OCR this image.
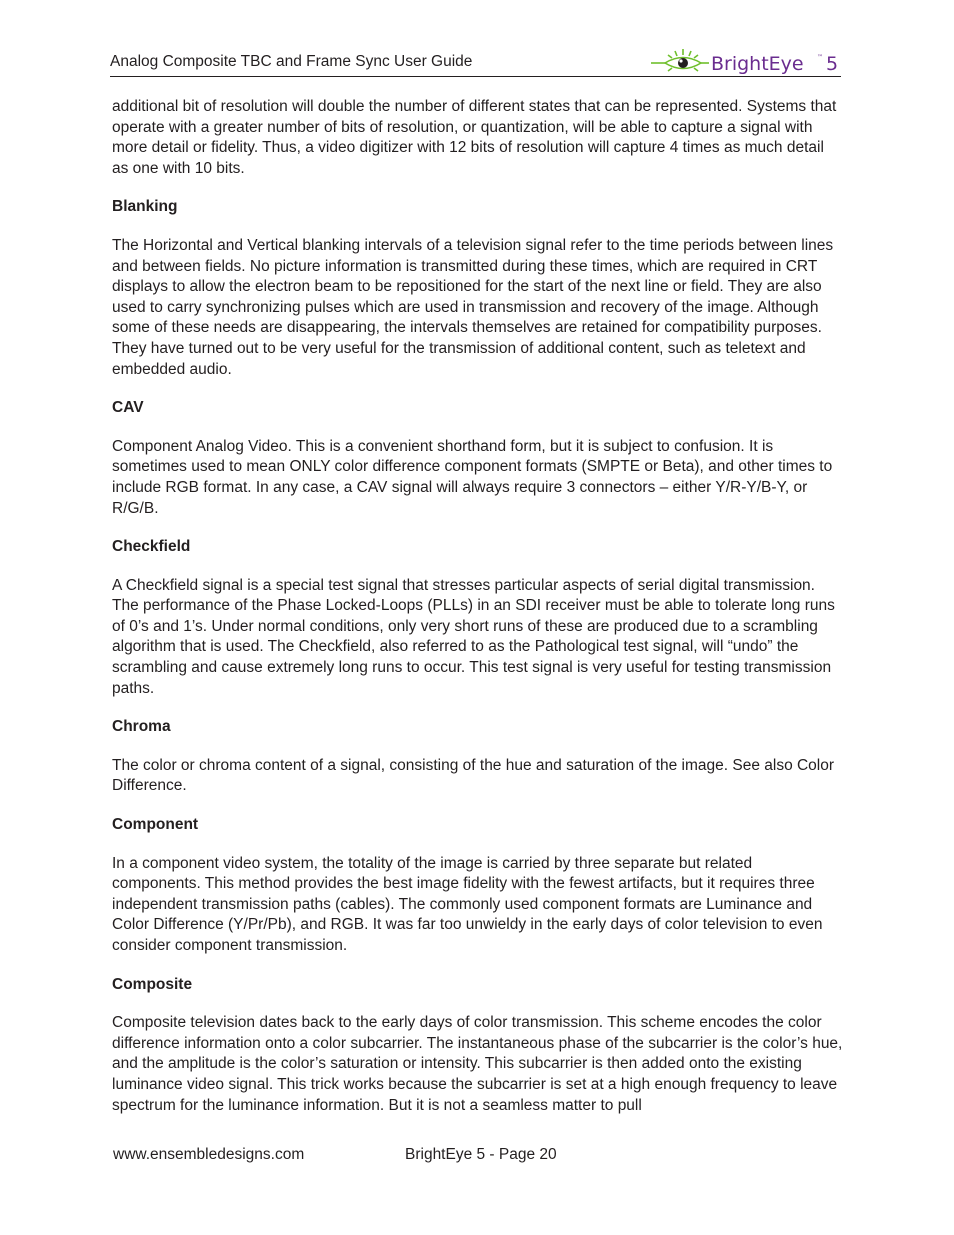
Analog Composite TBC and Frame Sync User Guide	BrightEye ™ 5

additional bit of resolution will double the number of different states that can be represented. Systems that operate with a greater number of bits of resolution, or quantization, will be able to capture a signal with more detail or fidelity. Thus, a video digitizer with 12 bits of resolution will capture 4 times as much detail as one with 10 bits.

Blanking

The Horizontal and Vertical blanking intervals of a television signal refer to the time periods between lines and between fields. No picture information is transmitted during these times, which are required in CRT displays to allow the electron beam to be repositioned for the start of the next line or field. They are also used to carry synchronizing pulses which are used in transmission and recovery of the image. Although some of these needs are disappearing, the intervals themselves are retained for compatibility purposes. They have turned out to be very useful for the transmission of additional content, such as teletext and embedded audio.

CAV

Component Analog Video. This is a convenient shorthand form, but it is subject to confusion. It is sometimes used to mean ONLY color difference component formats (SMPTE or Beta), and other times to include RGB format. In any case, a CAV signal will always require 3 connectors – either Y/R-Y/B-Y, or R/G/B.

Checkfield

A Checkfield signal is a special test signal that stresses particular aspects of serial digital transmission. The performance of the Phase Locked-Loops (PLLs) in an SDI receiver must be able to tolerate long runs of 0’s and 1’s. Under normal conditions, only very short runs of these are produced due to a scrambling algorithm that is used. The Checkfield, also referred to as the Pathological test signal, will “undo” the scrambling and cause extremely long runs to occur. This test signal is very useful for testing transmission paths.

Chroma

The color or chroma content of a signal, consisting of the hue and saturation of the image. See also Color Difference.

Component

In a component video system, the totality of the image is carried by three separate but related components. This method provides the best image fidelity with the fewest artifacts, but it requires three independent transmission paths (cables). The commonly used component formats are Luminance and Color Difference (Y/Pr/Pb), and RGB. It was far too unwieldy in the early days of color television to even consider component transmission.

Composite

Composite television dates back to the early days of color transmission. This scheme encodes the color difference information onto a color subcarrier. The instantaneous phase of the subcarrier is the color’s hue, and the amplitude is the color’s saturation or intensity. This subcarrier is then added onto the existing luminance video signal. This trick works because the subcarrier is set at a high enough frequency to leave spectrum for the luminance information. But it is not a seamless matter to pull

www.ensembledesigns.com	BrightEye 5 - Page 20
